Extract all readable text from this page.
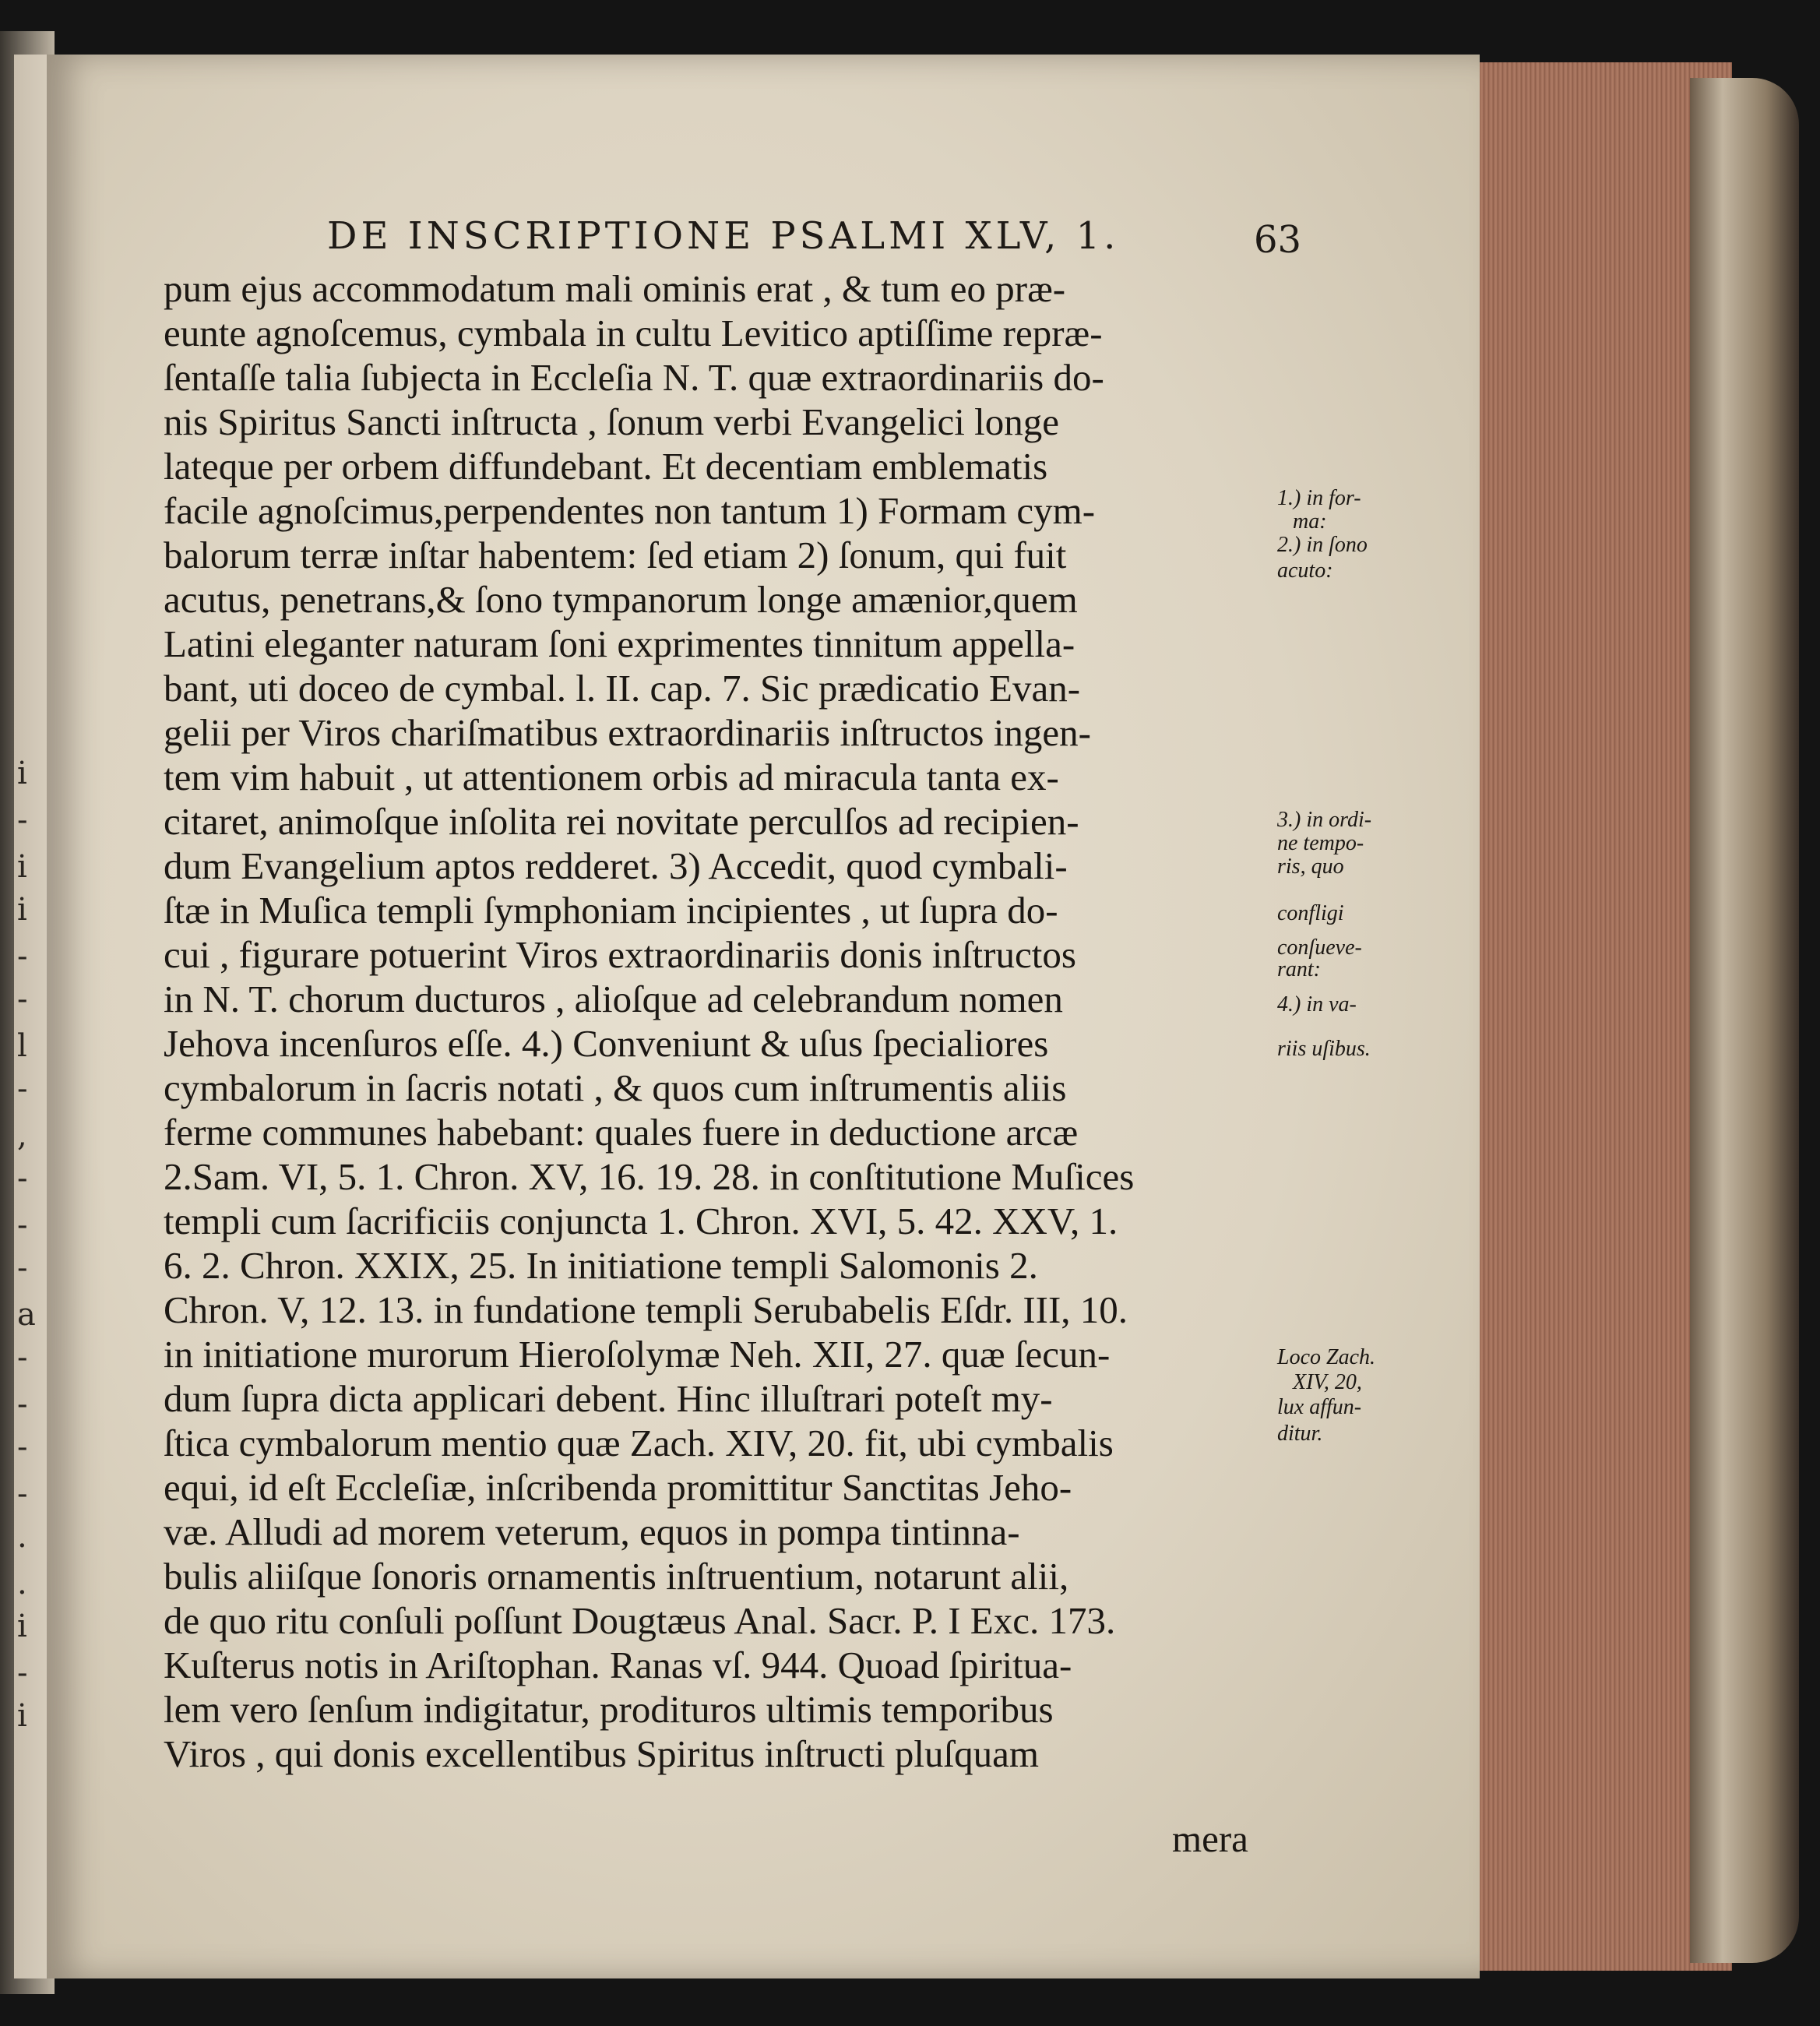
i
-
i
i
-
-
l
-
,
-
-
-
a
-
-
-
-
.
.
i
-
i
DE INSCRIPTIONE PSALMI XLV, 1.	63
pum ejus accommodatum mali ominis erat , & tum eo præ-
eunte agnoſcemus, cymbala in cultu Levitico aptiſſime repræ-
ſentaſſe talia ſubjecta in Eccleſia N. T. quæ extraordinariis do-
nis Spiritus Sancti inſtructa , ſonum verbi Evangelici longe
lateque per orbem diffundebant. Et decentiam emblematis
facile agnoſcimus,perpendentes non tantum 1) Formam cym-
balorum terræ inſtar habentem: ſed etiam 2) ſonum, qui fuit
acutus, penetrans,& ſono tympanorum longe amænior,quem
Latini eleganter naturam ſoni exprimentes tinnitum appella-
bant, uti doceo de cymbal. l. II. cap. 7. Sic prædicatio Evan-
gelii per Viros chariſmatibus extraordinariis inſtructos ingen-
tem vim habuit , ut attentionem orbis ad miracula tanta ex-
citaret, animoſque inſolita rei novitate perculſos ad recipien-
dum Evangelium aptos redderet. 3) Accedit, quod cymbali-
ſtæ in Muſica templi ſymphoniam incipientes , ut ſupra do-
cui , figurare potuerint Viros extraordinariis donis inſtructos
in N. T. chorum ducturos , alioſque ad celebrandum nomen
Jehova incenſuros eſſe. 4.) Conveniunt & uſus ſpecialiores
cymbalorum in ſacris notati , & quos cum inſtrumentis aliis
ferme communes habebant: quales fuere in deductione arcæ
2.Sam. VI, 5. 1. Chron. XV, 16. 19. 28. in conſtitutione Muſices
templi cum ſacrificiis conjuncta 1. Chron. XVI, 5. 42. XXV, 1.
6. 2. Chron. XXIX, 25. In initiatione templi Salomonis 2.
Chron. V, 12. 13. in fundatione templi Serubabelis Eſdr. III, 10.
in initiatione murorum Hieroſolymæ Neh. XII, 27. quæ ſecun-
dum ſupra dicta applicari debent. Hinc illuſtrari poteſt my-
ſtica cymbalorum mentio quæ Zach. XIV, 20. fit, ubi cymbalis
equi, id eſt Eccleſiæ, inſcribenda promittitur Sanctitas Jeho-
væ. Alludi ad morem veterum, equos in pompa tintinna-
bulis aliiſque ſonoris ornamentis inſtruentium, notarunt alii,
de quo ritu conſuli poſſunt Dougtæus Anal. Sacr. P. I Exc. 173.
Kuſterus notis in Ariſtophan. Ranas vſ. 944. Quoad ſpiritua-
lem vero ſenſum indigitatur, prodituros ultimis temporibus
Viros , qui donis excellentibus Spiritus inſtructi pluſquam
mera
1.) in for-
ma:
2.) in ſono
acuto:
3.) in ordi-
ne tempo-
ris, quo
confligi
conſueve-
rant:
4.) in va-
riis uſibus.
Loco Zach.
XIV, 20,
lux affun-
ditur.
